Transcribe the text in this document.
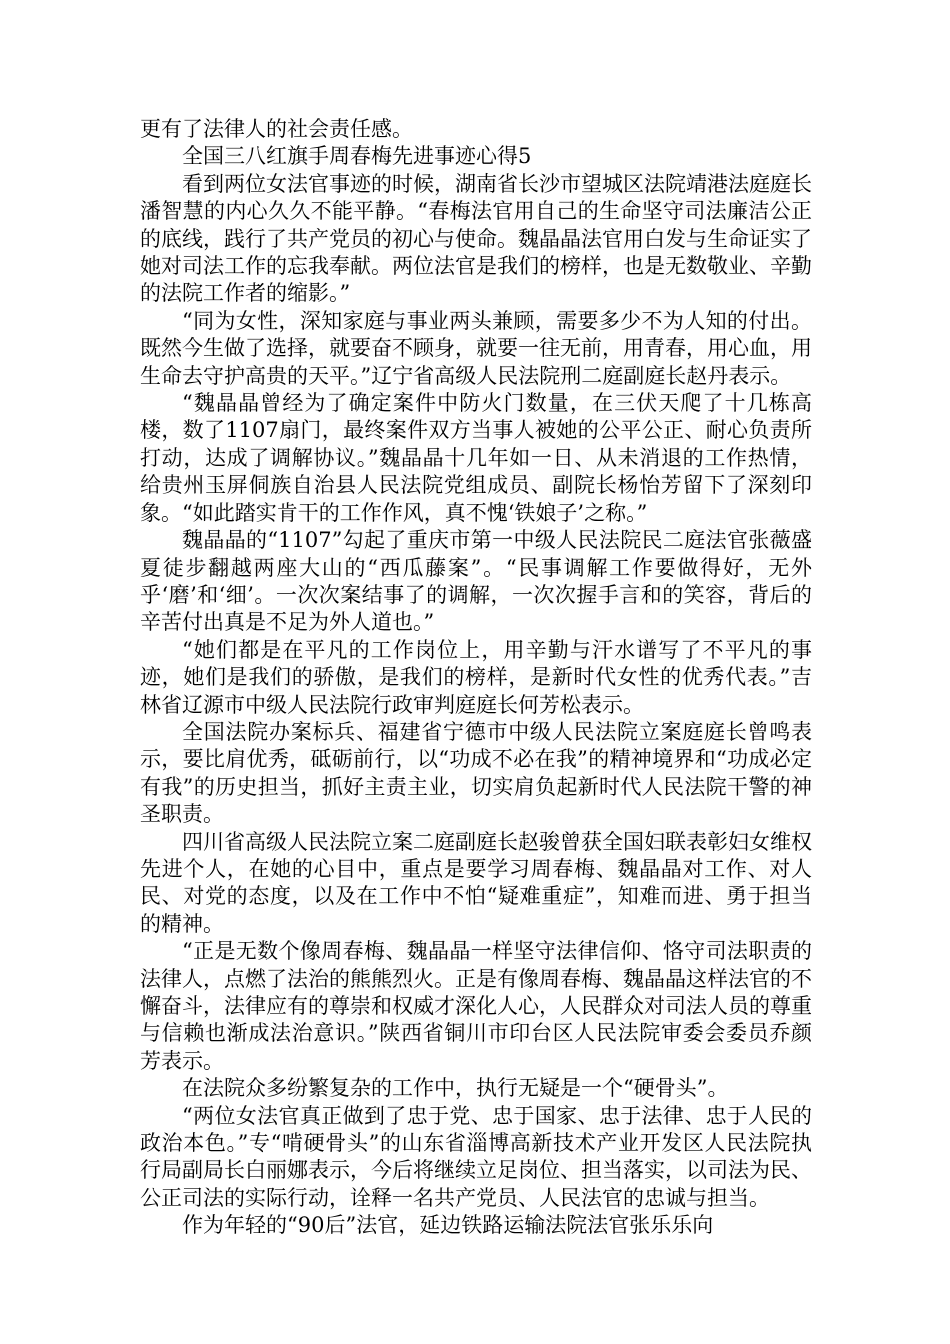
更有了法律人的社会责任感。

全国三八红旗手周春梅先进事迹心得5

看到两位女法官事迹的时候，湖南省长沙市望城区法院靖港法庭庭长潘智慧的内心久久不能平静。“春梅法官用自己的生命坚守司法廉洁公正的底线，践行了共产党员的初心与使命。魏晶晶法官用白发与生命证实了她对司法工作的忘我奉献。两位法官是我们的榜样，也是无数敬业、辛勤的法院工作者的缩影。”

“同为女性，深知家庭与事业两头兼顾，需要多少不为人知的付出。既然今生做了选择，就要奋不顾身，就要一往无前，用青春，用心血，用生命去守护高贵的天平。”辽宁省高级人民法院刑二庭副庭长赵丹表示。

“魏晶晶曾经为了确定案件中防火门数量，在三伏天爬了十几栋高楼，数了1107扇门，最终案件双方当事人被她的公平公正、耐心负责所打动，达成了调解协议。”魏晶晶十几年如一日、从未消退的工作热情，给贵州玉屏侗族自治县人民法院党组成员、副院长杨怡芳留下了深刻印象。“如此踏实肯干的工作作风，真不愧‘铁娘子’之称。”

魏晶晶的“1107”勾起了重庆市第一中级人民法院民二庭法官张薇盛夏徒步翻越两座大山的“西瓜藤案”。“民事调解工作要做得好，无外乎‘磨’和‘细’。一次次案结事了的调解，一次次握手言和的笑容，背后的辛苦付出真是不足为外人道也。”

“她们都是在平凡的工作岗位上，用辛勤与汗水谱写了不平凡的事迹，她们是我们的骄傲，是我们的榜样，是新时代女性的优秀代表。”吉林省辽源市中级人民法院行政审判庭庭长何芳松表示。

全国法院办案标兵、福建省宁德市中级人民法院立案庭庭长曾鸣表示，要比肩优秀，砥砺前行，以“功成不必在我”的精神境界和“功成必定有我”的历史担当，抓好主责主业，切实肩负起新时代人民法院干警的神圣职责。

四川省高级人民法院立案二庭副庭长赵骏曾获全国妇联表彰妇女维权先进个人，在她的心目中，重点是要学习周春梅、魏晶晶对工作、对人民、对党的态度，以及在工作中不怕“疑难重症”，知难而进、勇于担当的精神。

“正是无数个像周春梅、魏晶晶一样坚守法律信仰、恪守司法职责的法律人，点燃了法治的熊熊烈火。正是有像周春梅、魏晶晶这样法官的不懈奋斗，法律应有的尊崇和权威才深化人心，人民群众对司法人员的尊重与信赖也渐成法治意识。”陕西省铜川市印台区人民法院审委会委员乔颜芳表示。

在法院众多纷繁复杂的工作中，执行无疑是一个“硬骨头”。

“两位女法官真正做到了忠于党、忠于国家、忠于法律、忠于人民的政治本色。”专“啃硬骨头”的山东省淄博高新技术产业开发区人民法院执行局副局长白丽娜表示，今后将继续立足岗位、担当落实，以司法为民、公正司法的实际行动，诠释一名共产党员、人民法官的忠诚与担当。

作为年轻的“90后”法官，延边铁路运输法院法官张乐乐向
